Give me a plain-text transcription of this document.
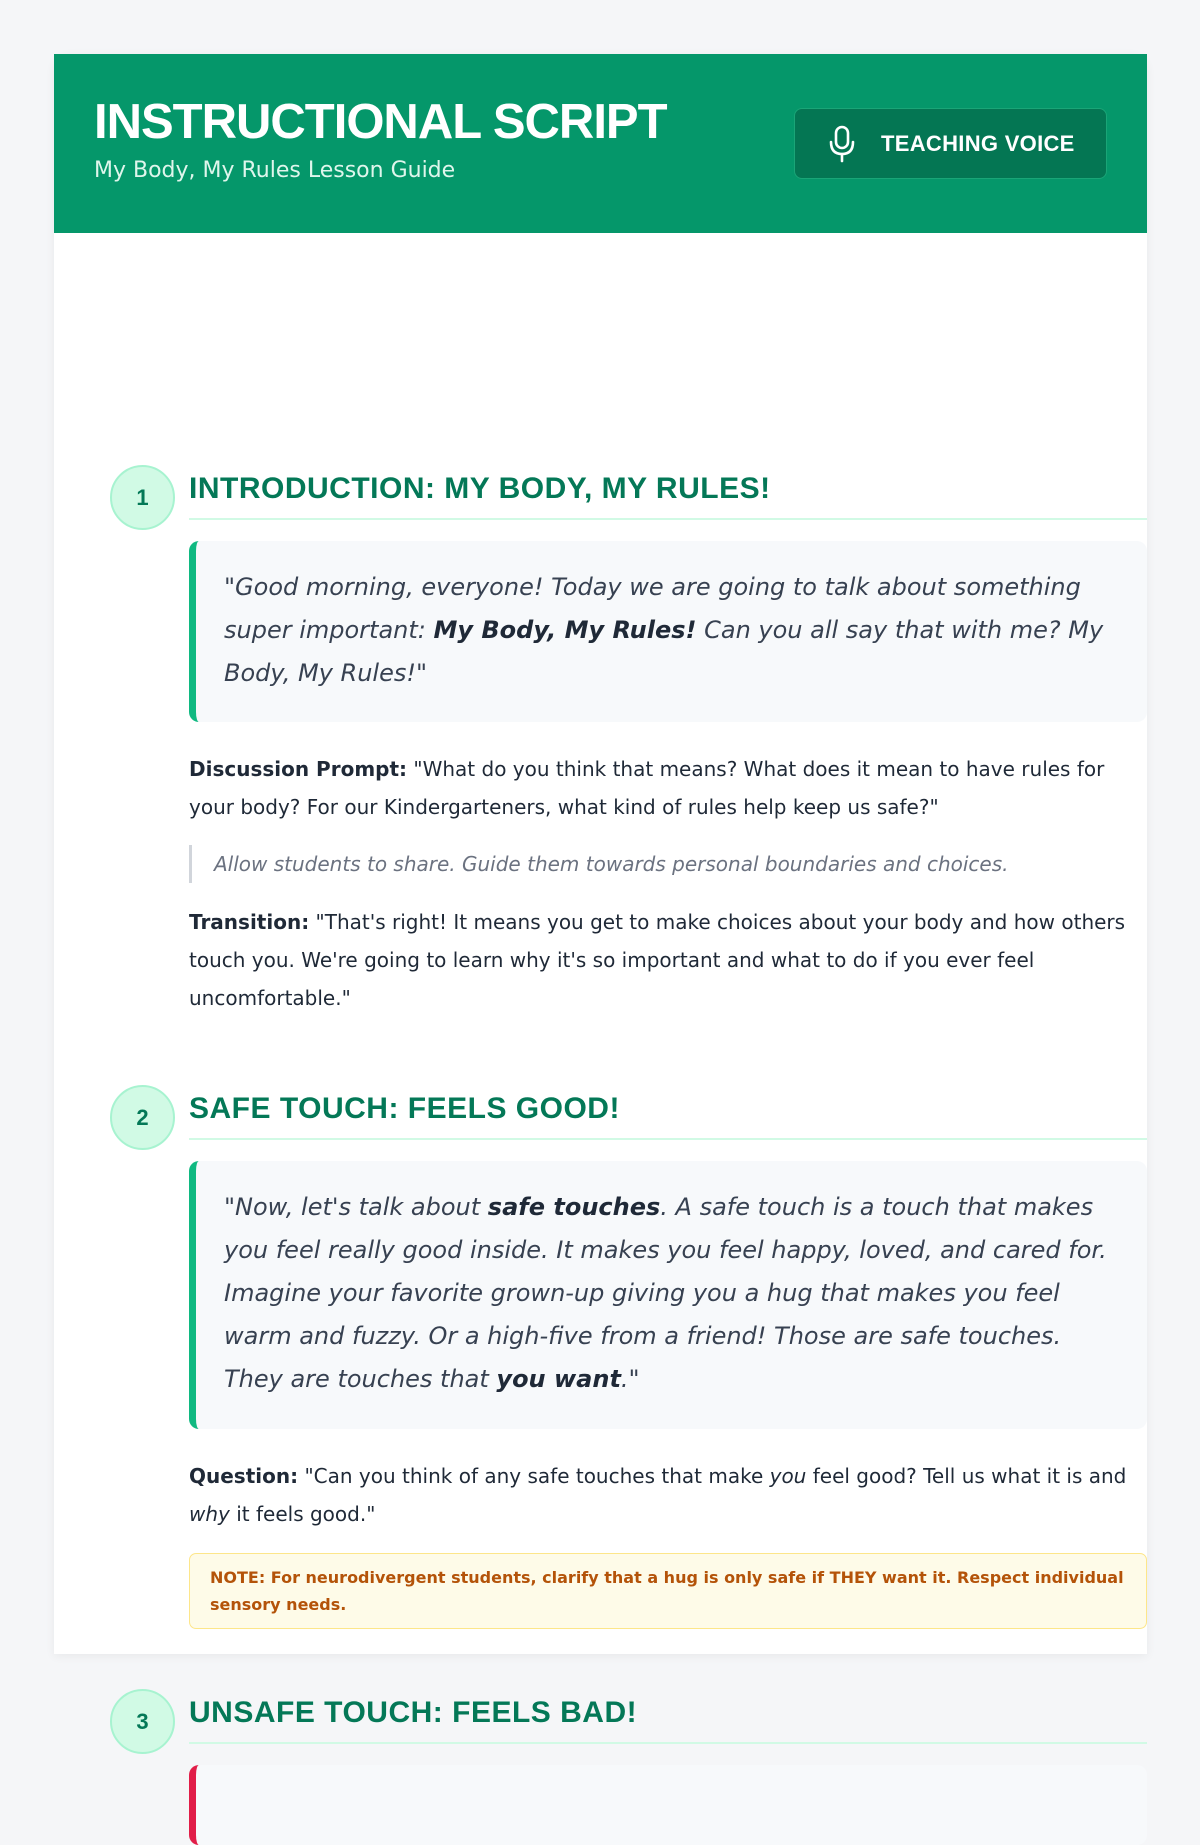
INSTRUCTIONAL SCRIPT
My Body, My Rules Lesson Guide
TEACHING VOICE
1	INTRODUCTION: MY BODY, MY RULES!
"Good morning, everyone! Today we are going to talk about something super important: My Body, My Rules! Can you all say that with me? My Body, My Rules!"
Discussion Prompt: "What do you think that means? What does it mean to have rules for your body? For our Kindergarteners, what kind of rules help keep us safe?"
Allow students to share. Guide them towards personal boundaries and choices.
Transition: "That's right! It means you get to make choices about your body and how others touch you. We're going to learn why it's so important and what to do if you ever feel uncomfortable."
2	SAFE TOUCH: FEELS GOOD!
"Now, let's talk about safe touches. A safe touch is a touch that makes you feel really good inside. It makes you feel happy, loved, and cared for. Imagine your favorite grown-up giving you a hug that makes you feel warm and fuzzy. Or a high-five from a friend! Those are safe touches. They are touches that you want."
Question: "Can you think of any safe touches that make you feel good? Tell us what it is and why it feels good."
NOTE: For neurodivergent students, clarify that a hug is only safe if THEY want it. Respect individual sensory needs.
3	UNSAFE TOUCH: FEELS BAD!
